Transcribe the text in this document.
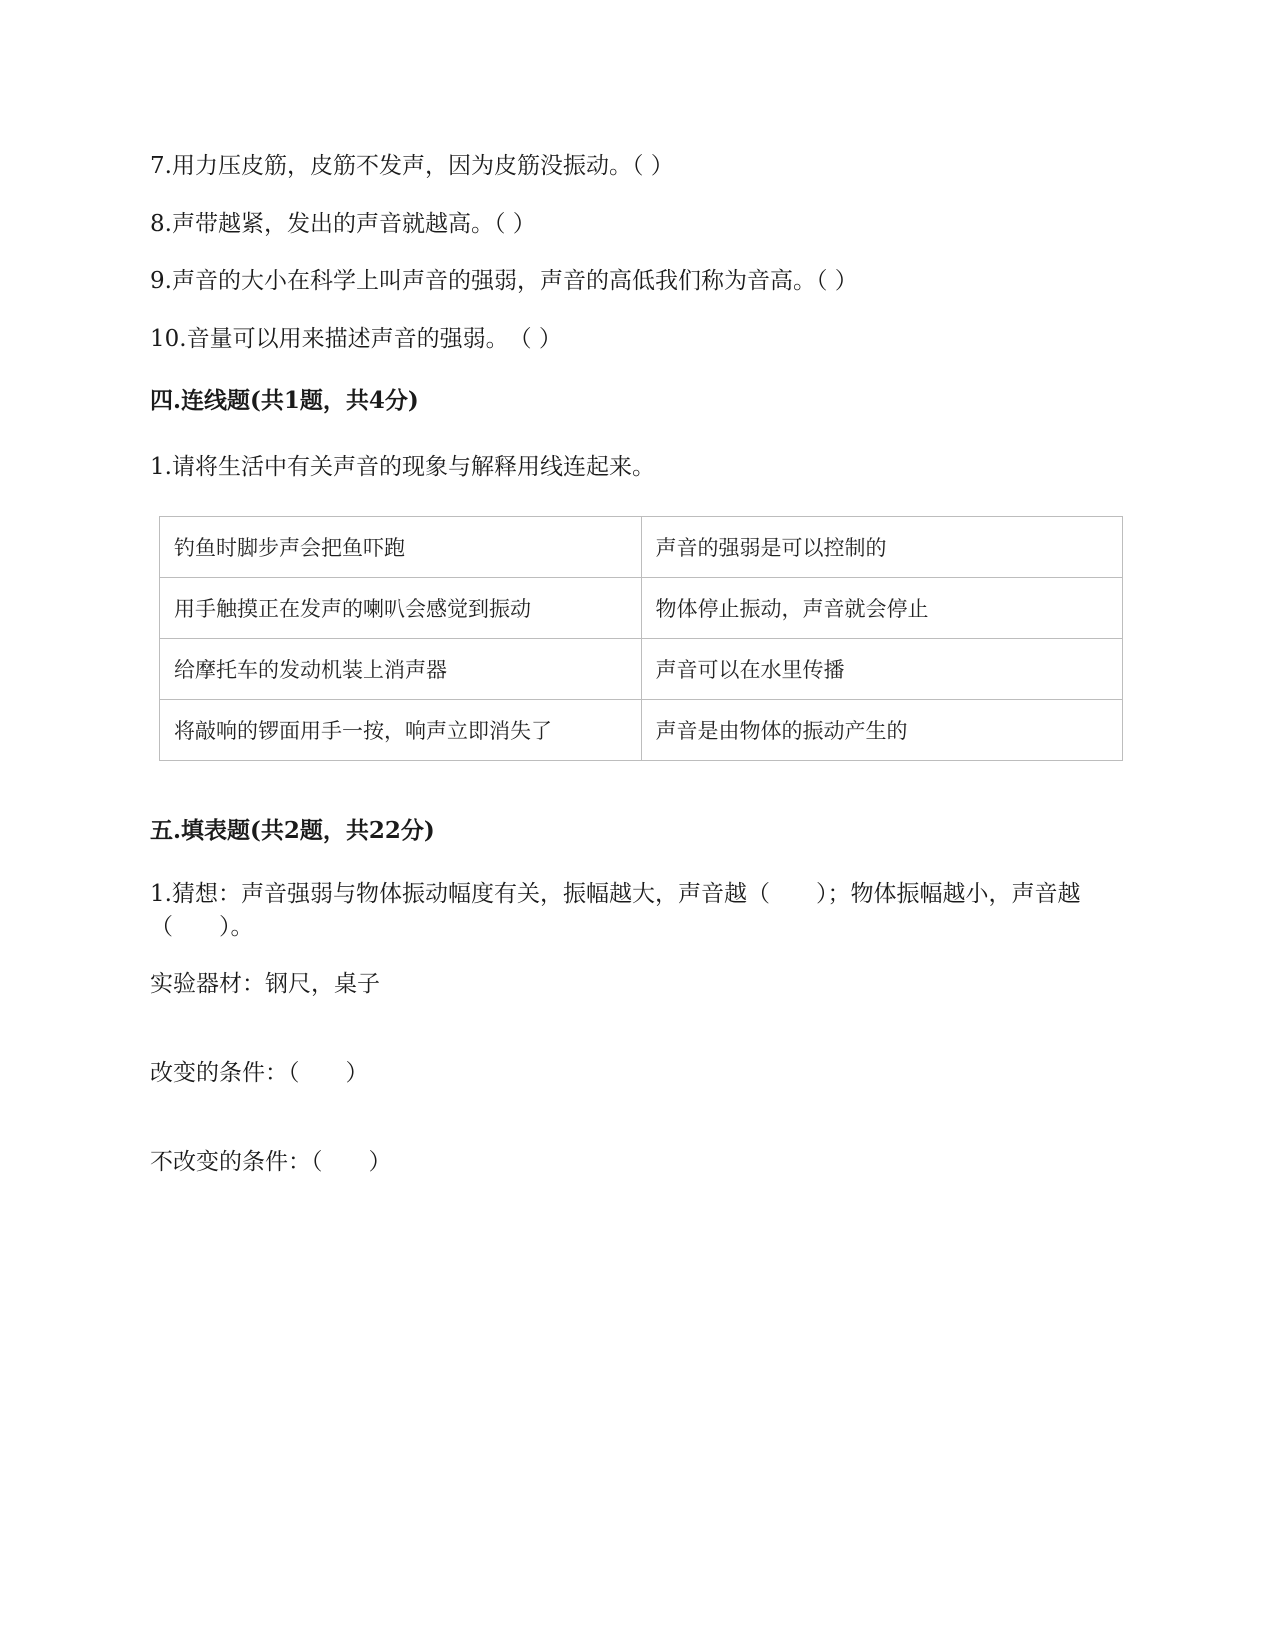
7.用力压皮筋，皮筋不发声，因为皮筋没振动。（ ）
8.声带越紧，发出的声音就越高。（ ）
9.声音的大小在科学上叫声音的强弱，声音的高低我们称为音高。（ ）
10.音量可以用来描述声音的强弱。　（ ）
四.连线题(共1题，共4分)
1.请将生活中有关声音的现象与解释用线连起来。
钓鱼时脚步声会把鱼吓跑	声音的强弱是可以控制的
用手触摸正在发声的喇叭会感觉到振动	物体停止振动，声音就会停止
给摩托车的发动机装上消声器	声音可以在水里传播
将敲响的锣面用手一按，响声立即消失了	声音是由物体的振动产生的
五.填表题(共2题，共22分)
1.猜想：声音强弱与物体振动幅度有关，振幅越大，声音越（　　）；物体振幅越小，声音越（　　）。
实验器材：钢尺，桌子
改变的条件：（　　）
不改变的条件：（　　）
